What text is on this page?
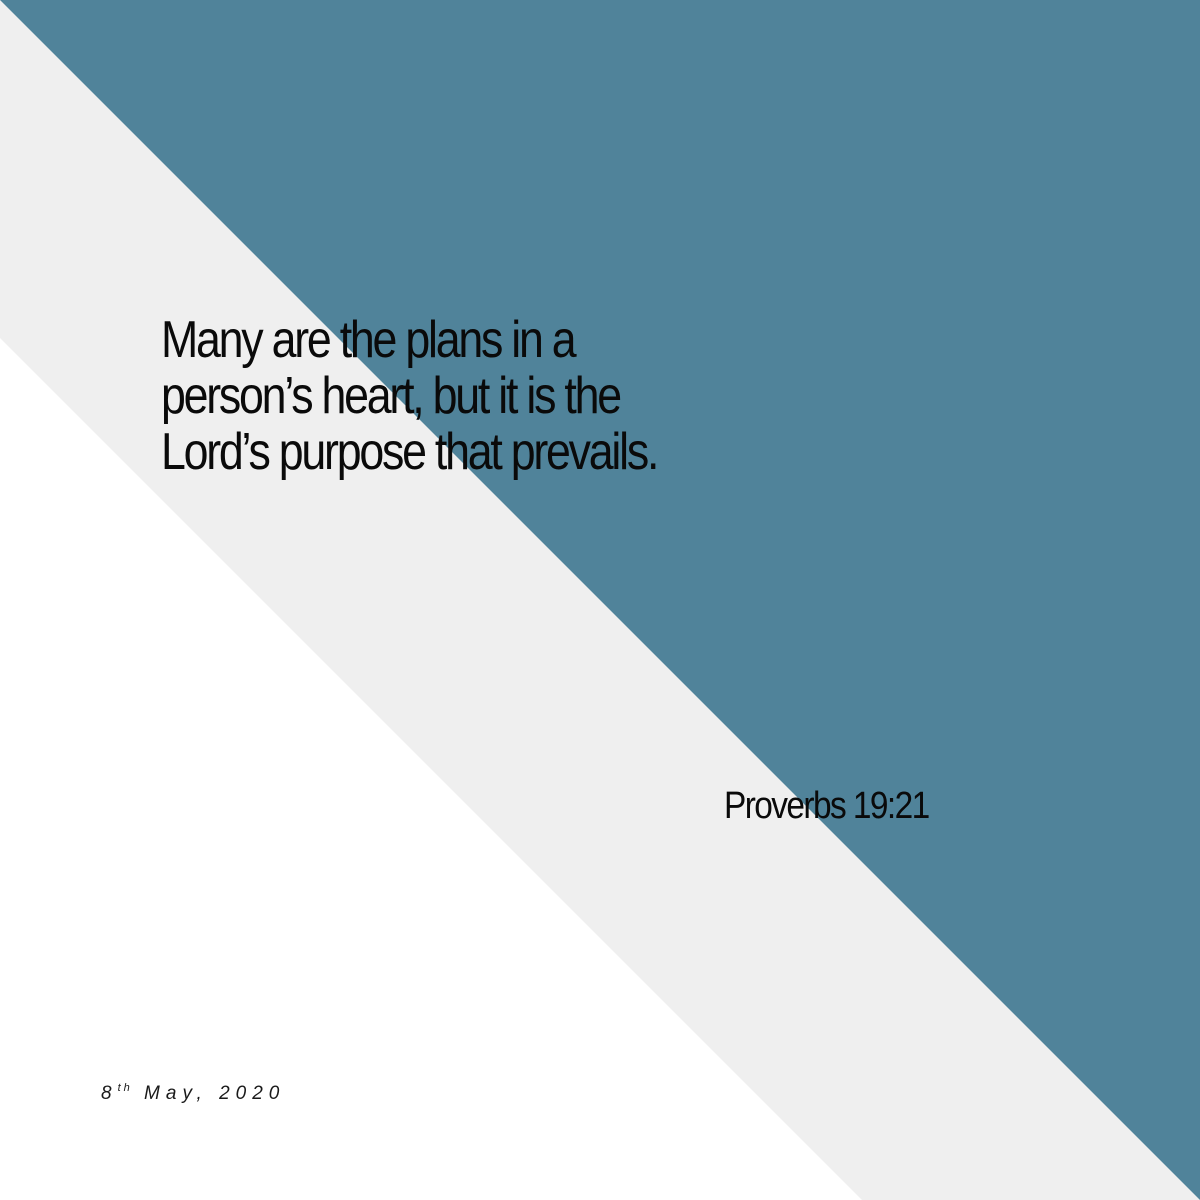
Many are the plans in a
person’s heart, but it is the
Lord’s purpose that prevails.

Proverbs 19:21

8th May, 2020
